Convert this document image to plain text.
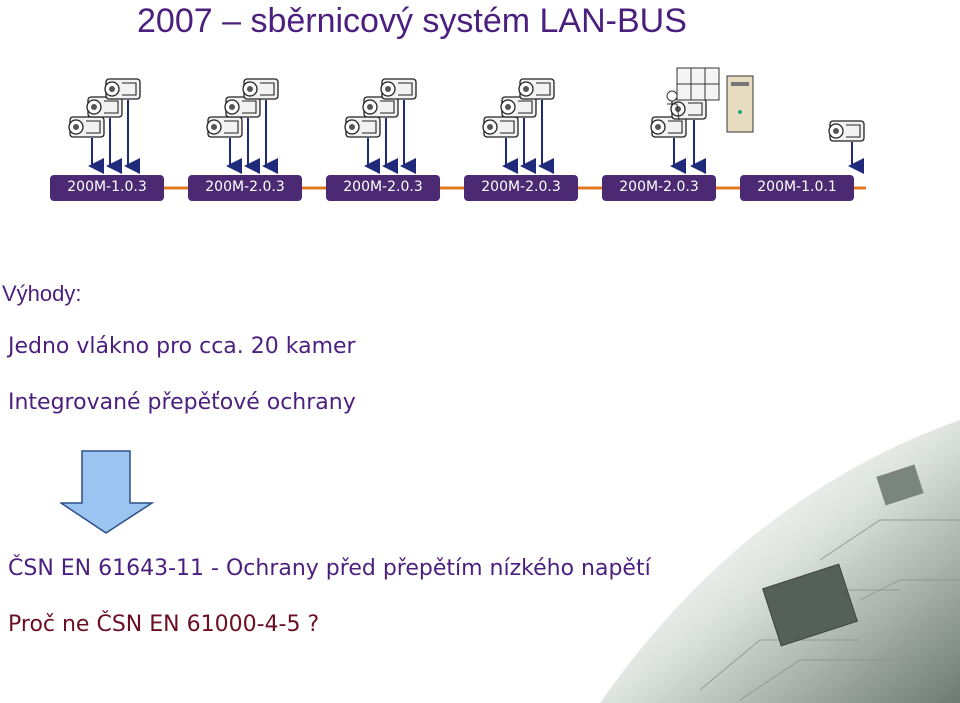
2007 – sběrnicový systém LAN-BUS
200M-1.0.3	200M-2.0.3	200M-2.0.3	200M-2.0.3	200M-2.0.3	200M-1.0.1
Výhody:

Jedno vlákno pro cca. 20 kamer

Integrované přepěťové ochrany

ČSN EN 61643-11 - Ochrany před přepětím nízkého napětí

Proč ne ČSN EN 61000-4-5 ?
